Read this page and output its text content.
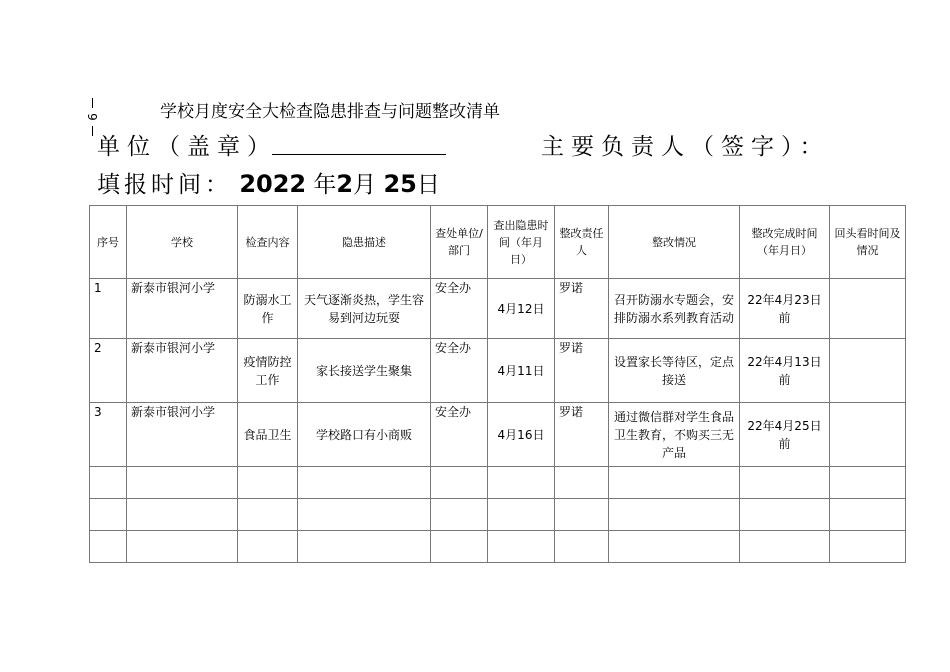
9	学校月度安全大检查隐患排查与问题整改清单
单位（盖章）	主要负责人（签字）：
填报时间： 2022 年2月 25日
序号	学校	检查内容	隐患描述	查处单位/部门	查出隐患时间（年月日）	整改责任人	整改情况	整改完成时间（年月日）	回头看时间及情况
1	新泰市银河小学	防溺水工作	天气逐渐炎热，学生容易到河边玩耍	安全办	4月12日	罗诺	召开防溺水专题会，安排防溺水系列教育活动	22年4月23日前	
2	新泰市银河小学	疫情防控工作	家长接送学生聚集	安全办	4月11日	罗诺	设置家长等待区，定点接送	22年4月13日前	
3	新泰市银河小学	食品卫生	学校路口有小商贩	安全办	4月16日	罗诺	通过微信群对学生食品卫生教育，不购买三无产品	22年4月25日前	
